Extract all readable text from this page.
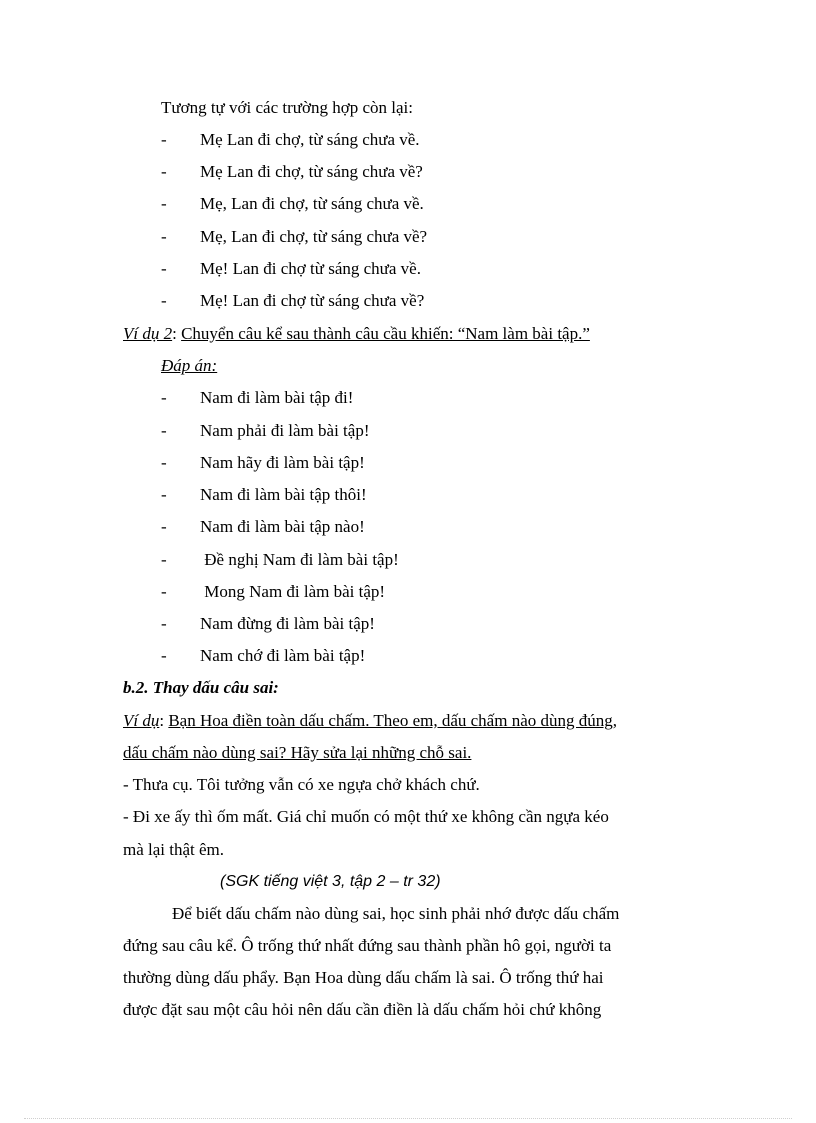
Tương tự với các trường hợp còn lại:
- Mẹ Lan đi chợ, từ sáng chưa về.
- Mẹ Lan đi chợ, từ sáng chưa về?
- Mẹ, Lan đi chợ, từ sáng chưa về.
- Mẹ, Lan đi chợ, từ sáng chưa về?
- Mẹ! Lan đi chợ từ sáng chưa về.
- Mẹ! Lan đi chợ từ sáng chưa về?
Ví dụ 2: Chuyển câu kể sau thành câu cầu khiến: “Nam làm bài tập.”
Đáp án:
- Nam đi làm bài tập đi!
- Nam phải đi làm bài tập!
- Nam hãy đi làm bài tập!
- Nam đi làm bài tập thôi!
- Nam đi làm bài tập nào!
- Đề nghị Nam đi làm bài tập!
- Mong Nam đi làm bài tập!
- Nam đừng đi làm bài tập!
- Nam chớ đi làm bài tập!
b.2. Thay dấu câu sai:
Ví dụ: Bạn Hoa điền toàn dấu chấm. Theo em, dấu chấm nào dùng đúng,
dấu chấm nào dùng sai? Hãy sửa lại những chỗ sai.
- Thưa cụ. Tôi tưởng vẫn có xe ngựa chở khách chứ.
- Đi xe ấy thì ốm mất. Giá chỉ muốn có một thứ xe không cần ngựa kéo
mà lại thật êm.
(SGK tiếng việt 3, tập 2 – tr 32)
Để biết dấu chấm nào dùng sai, học sinh phải nhớ được dấu chấm
đứng sau câu kể. Ô trống thứ nhất đứng sau thành phần hô gọi, người ta
thường dùng dấu phẩy. Bạn Hoa dùng dấu chấm là sai. Ô trống thứ hai
được đặt sau một câu hỏi nên dấu cần điền là dấu chấm hỏi chứ không
